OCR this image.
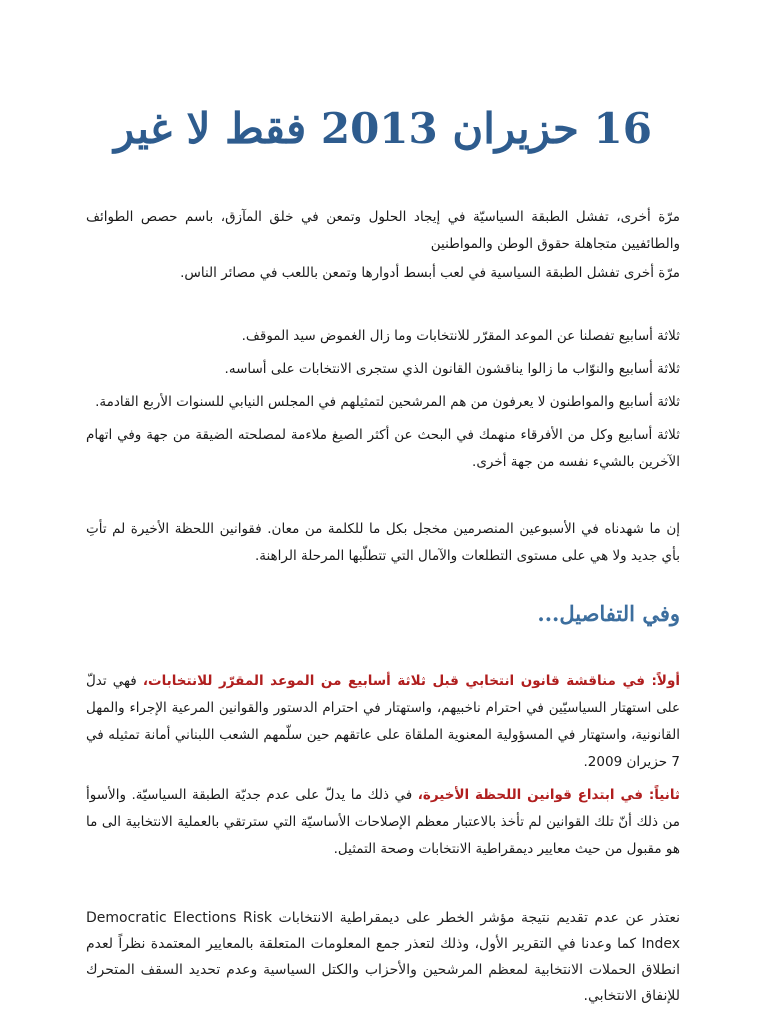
16 حزيران 2013 فقط لا غير

مرّة أخرى، تفشل الطبقة السياسيّة في إيجاد الحلول وتمعن في خلق المآزق، باسم حصص الطوائف والطائفيين متجاهلة حقوق الوطن والمواطنين

مرّة أخرى تفشل الطبقة السياسية في لعب أبسط أدوارها وتمعن باللعب في مصائر الناس.

ثلاثة أسابيع تفصلنا عن الموعد المقرّر للانتخابات وما زال الغموض سيد الموقف.

ثلاثة أسابيع والنوّاب ما زالوا يناقشون القانون الذي ستجرى الانتخابات على أساسه.

ثلاثة أسابيع والمواطنون لا يعرفون من هم المرشحين لتمثيلهم في المجلس النيابي للسنوات الأربع القادمة.

ثلاثة أسابيع وكل من الأفرقاء منهمك في البحث عن أكثر الصيغ ملاءمة لمصلحته الضيقة من جهة وفي اتهام الآخرين بالشيء نفسه من جهة أخرى.

إن ما شهدناه في الأسبوعين المنصرمين مخجل بكل ما للكلمة من معان. فقوانين اللحظة الأخيرة لم تأتِ بأي جديد ولا هي على مستوى التطلعات والآمال التي تتطلّبها المرحلة الراهنة.

وفي التفاصيل...

أولاً: في مناقشة قانون انتخابي قبل ثلاثة أسابيع من الموعد المقرّر للانتخابات، فهي تدلّ على استهتار السياسيّين في احترام ناخبيهم، واستهتار في احترام الدستور والقوانين المرعية الإجراء والمهل القانونية، واستهتار في المسؤولية المعنوية الملقاة على عاتقهم حين سلّمهم الشعب اللبناني أمانة تمثيله في 7 حزيران 2009.

ثانياً: في ابتداع قوانين اللحظة الأخيرة، في ذلك ما يدلّ على عدم جديّة الطبقة السياسيّة. والأسوأ من ذلك أنّ تلك القوانين لم تأخذ بالاعتبار معظم الإصلاحات الأساسيّة التي سترتقي بالعملية الانتخابية الى ما هو مقبول من حيث معايير ديمقراطية الانتخابات وصحة التمثيل.

نعتذر عن عدم تقديم نتيجة مؤشر الخطر على ديمقراطية الانتخابات Democratic Elections Risk Index كما وعدنا في التقرير الأول، وذلك لتعذر جمع المعلومات المتعلقة بالمعايير المعتمدة نظراً لعدم انطلاق الحملات الانتخابية لمعظم المرشحين والأحزاب والكتل السياسية وعدم تحديد السقف المتحرك للإنفاق الانتخابي.
